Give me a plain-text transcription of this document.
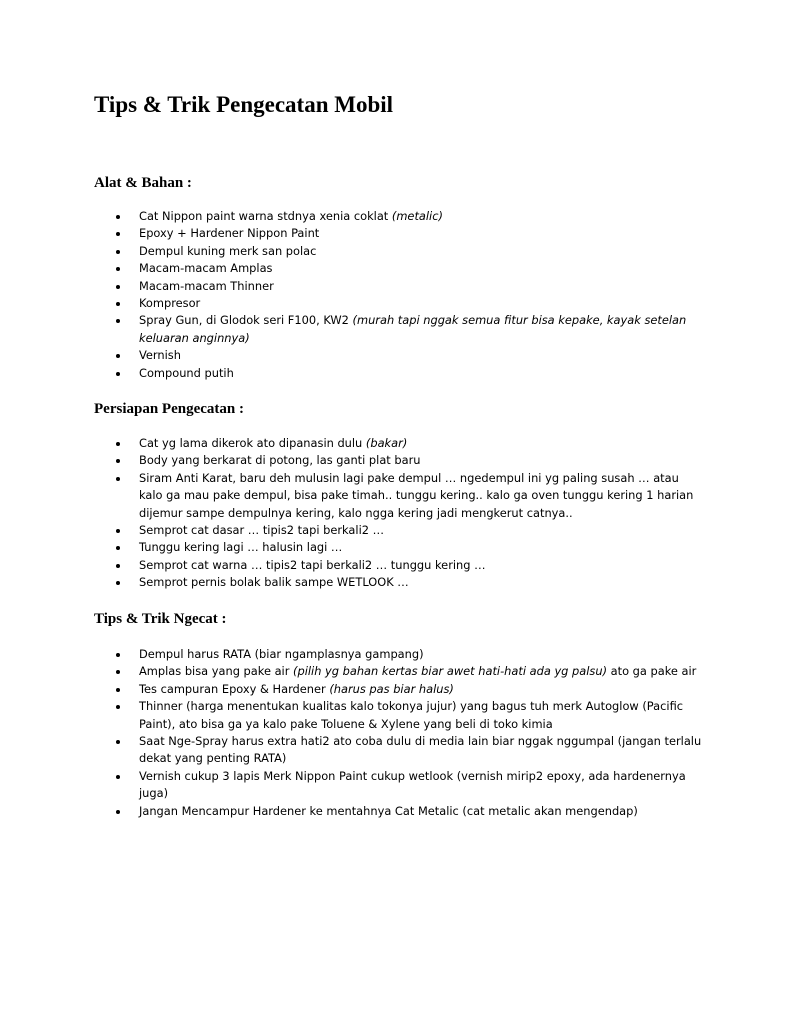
Tips & Trik Pengecatan Mobil
Alat & Bahan :
Cat Nippon paint warna stdnya xenia coklat (metalic)
Epoxy + Hardener Nippon Paint
Dempul kuning merk san polac
Macam-macam Amplas
Macam-macam Thinner
Kompresor
Spray Gun, di Glodok seri F100, KW2 (murah tapi nggak semua fitur bisa kepake, kayak setelan keluaran anginnya)
Vernish
Compound putih
Persiapan Pengecatan :
Cat yg lama dikerok ato dipanasin dulu (bakar)
Body yang berkarat di potong, las ganti plat baru
Siram Anti Karat, baru deh mulusin lagi pake dempul … ngedempul ini yg paling susah … atau kalo ga mau pake dempul, bisa pake timah.. tunggu kering.. kalo ga oven tunggu kering 1 harian dijemur sampe dempulnya kering, kalo ngga kering jadi mengkerut catnya..
Semprot cat dasar … tipis2 tapi berkali2 …
Tunggu kering lagi … halusin lagi …
Semprot cat warna … tipis2 tapi berkali2 … tunggu kering …
Semprot pernis bolak balik sampe WETLOOK …
Tips & Trik Ngecat :
Dempul harus RATA (biar ngamplasnya gampang)
Amplas bisa yang pake air (pilih yg bahan kertas biar awet hati-hati ada yg palsu) ato ga pake air
Tes campuran Epoxy & Hardener (harus pas biar halus)
Thinner (harga menentukan kualitas kalo tokonya jujur) yang bagus tuh merk Autoglow (Pacific Paint), ato bisa ga ya kalo pake Toluene & Xylene yang beli di toko kimia
Saat Nge-Spray harus extra hati2 ato coba dulu di media lain biar nggak nggumpal (jangan terlalu dekat yang penting RATA)
Vernish cukup 3 lapis Merk Nippon Paint cukup wetlook (vernish mirip2 epoxy, ada hardenernya juga)
Jangan Mencampur Hardener ke mentahnya Cat Metalic (cat metalic akan mengendap)
